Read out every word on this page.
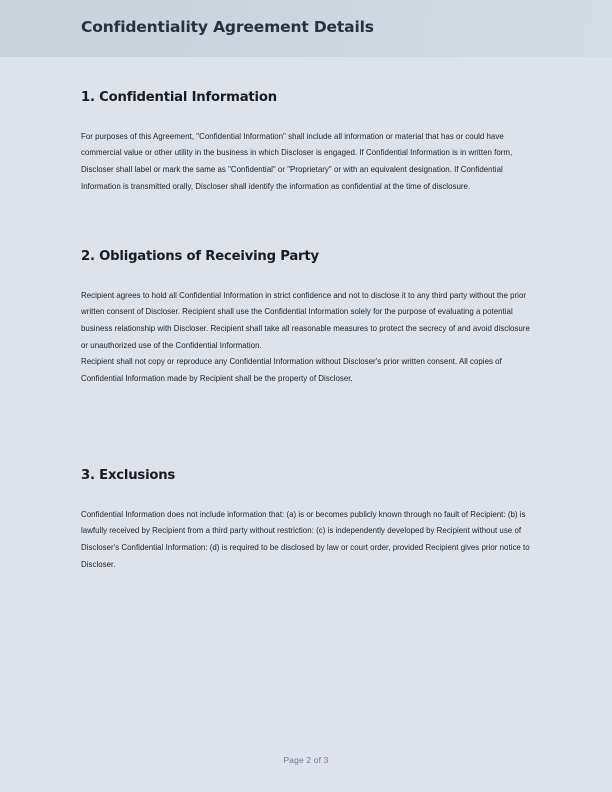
Confidentiality Agreement Details
1. Confidential Information

For purposes of this Agreement, "Confidential Information" shall include all information or material that has or could have commercial value or other utility in the business in which Discloser is engaged. If Confidential Information is in written form, Discloser shall label or mark the same as "Confidential" or "Proprietary" or with an equivalent designation. If Confidential Information is transmitted orally, Discloser shall identify the information as confidential at the time of disclosure.

2. Obligations of Receiving Party

Recipient agrees to hold all Confidential Information in strict confidence and not to disclose it to any third party without the prior written consent of Discloser. Recipient shall use the Confidential Information solely for the purpose of evaluating a potential business relationship with Discloser. Recipient shall take all reasonable measures to protect the secrecy of and avoid disclosure or unauthorized use of the Confidential Information.

Recipient shall not copy or reproduce any Confidential Information without Discloser's prior written consent. All copies of Confidential Information made by Recipient shall be the property of Discloser.

3. Exclusions

Confidential Information does not include information that: (a) is or becomes publicly known through no fault of Recipient: (b) is lawfully received by Recipient from a third party without restriction: (c) is independently developed by Recipient without use of Discloser's Confidential Information: (d) is required to be disclosed by law or court order, provided Recipient gives prior notice to Discloser.

Page 2 of 3
